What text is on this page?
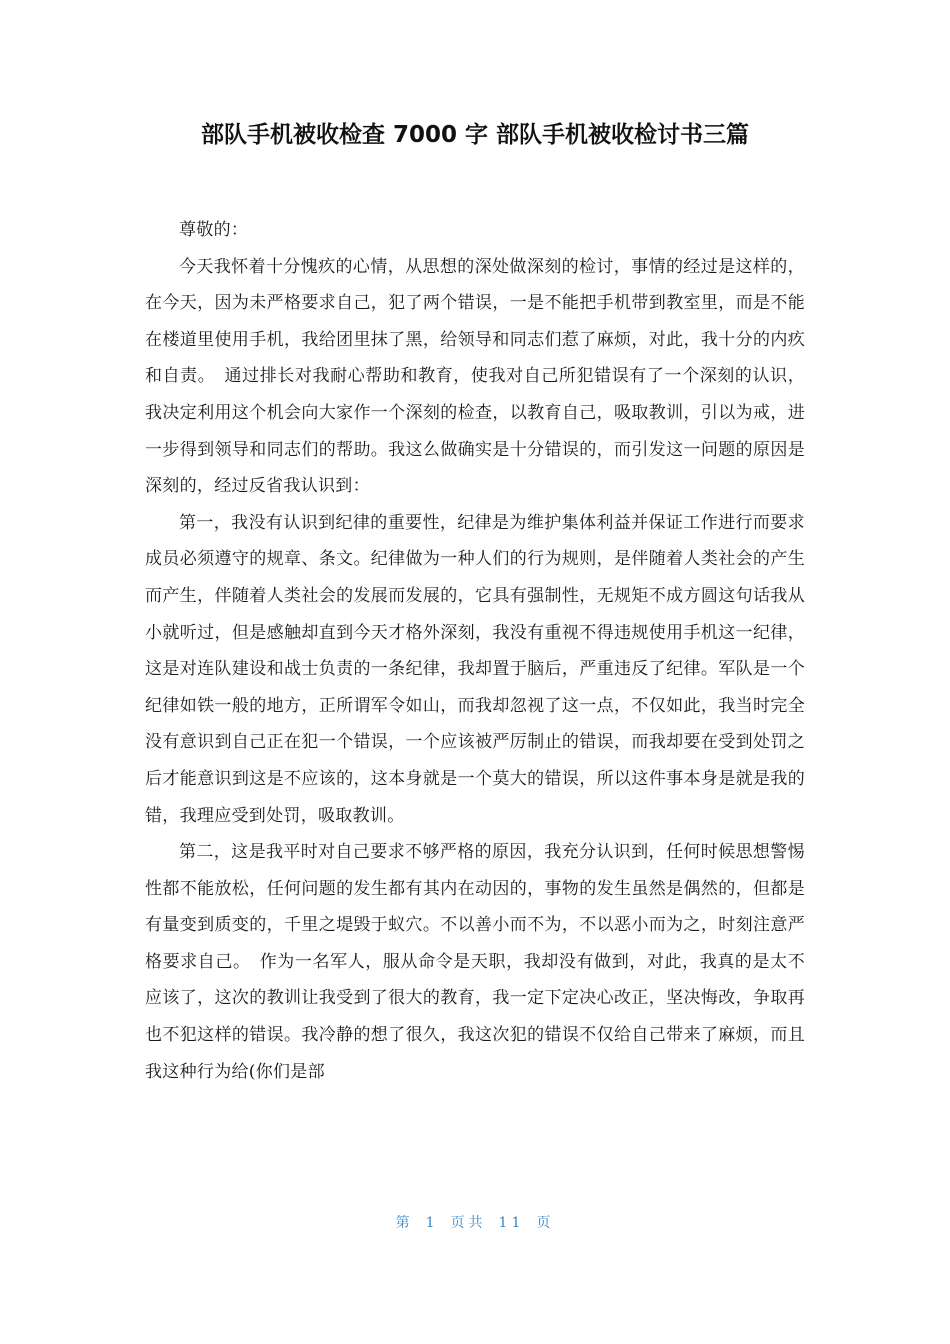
部队手机被收检查 7000 字 部队手机被收检讨书三篇

尊敬的：

今天我怀着十分愧疚的心情，从思想的深处做深刻的检讨，事情的经过是这样的，在今天，因为未严格要求自己，犯了两个错误，一是不能把手机带到教室里，而是不能在楼道里使用手机，我给团里抹了黑，给领导和同志们惹了麻烦，对此，我十分的内疚和自责。　通过排长对我耐心帮助和教育，使我对自己所犯错误有了一个深刻的认识，我决定利用这个机会向大家作一个深刻的检查，以教育自己，吸取教训，引以为戒，进一步得到领导和同志们的帮助。我这么做确实是十分错误的，而引发这一问题的原因是深刻的，经过反省我认识到：

第一，我没有认识到纪律的重要性，纪律是为维护集体利益并保证工作进行而要求成员必须遵守的规章、条文。纪律做为一种人们的行为规则，是伴随着人类社会的产生而产生，伴随着人类社会的发展而发展的，它具有强制性，无规矩不成方圆这句话我从小就听过，但是感触却直到今天才格外深刻，我没有重视不得违规使用手机这一纪律，这是对连队建设和战士负责的一条纪律，我却置于脑后，严重违反了纪律。军队是一个纪律如铁一般的地方，正所谓军令如山，而我却忽视了这一点，不仅如此，我当时完全没有意识到自己正在犯一个错误，一个应该被严厉制止的错误，而我却要在受到处罚之后才能意识到这是不应该的，这本身就是一个莫大的错误，所以这件事本身是就是我的错，我理应受到处罚，吸取教训。

第二，这是我平时对自己要求不够严格的原因，我充分认识到，任何时候思想警惕性都不能放松，任何问题的发生都有其内在动因的，事物的发生虽然是偶然的，但都是有量变到质变的，千里之堤毁于蚁穴。不以善小而不为，不以恶小而为之，时刻注意严格要求自己。　作为一名军人，服从命令是天职，我却没有做到，对此，我真的是太不应该了，这次的教训让我受到了很大的教育，我一定下定决心改正，坚决悔改，争取再也不犯这样的错误。我冷静的想了很久，我这次犯的错误不仅给自己带来了麻烦，而且我这种行为给(你们是部

第 1 页共 11 页
